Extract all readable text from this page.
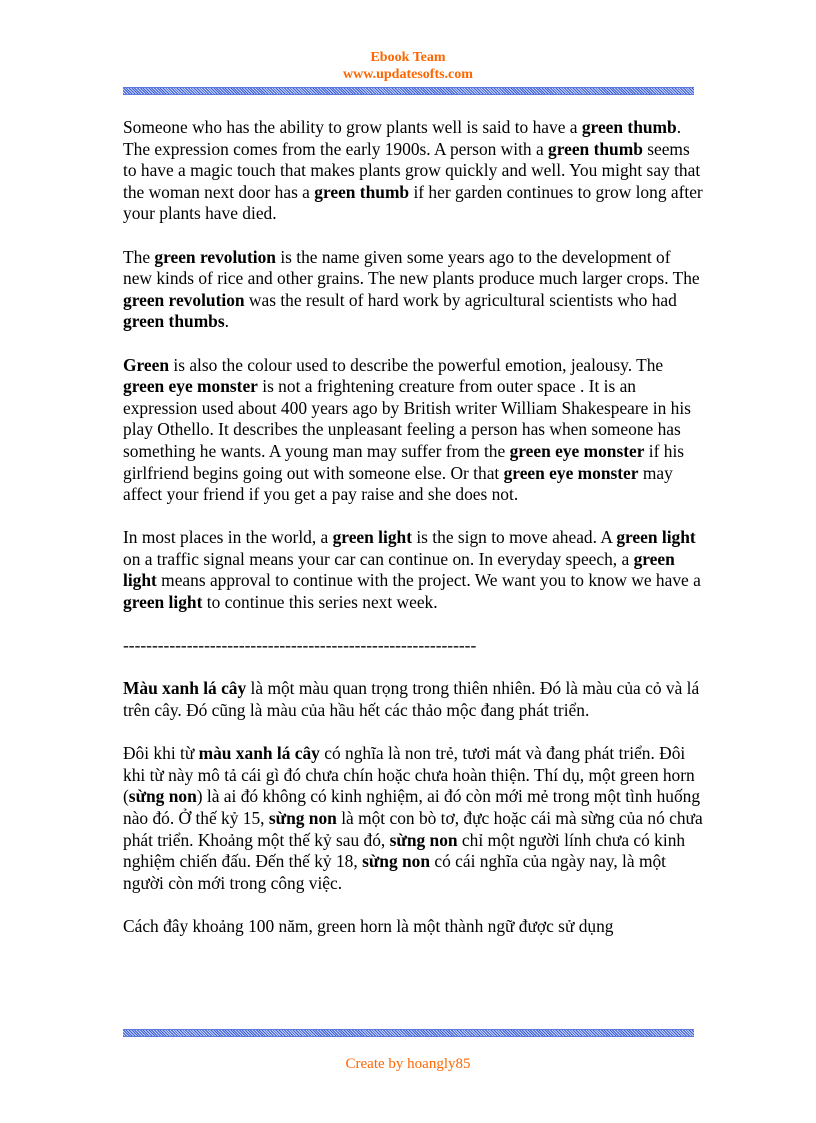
Ebook Team
www.updatesofts.com

Someone who has the ability to grow plants well is said to have a green thumb. The expression comes from the early 1900s. A person with a green thumb seems to have a magic touch that makes plants grow quickly and well. You might say that the woman next door has a green thumb if her garden continues to grow long after your plants have died.

The green revolution is the name given some years ago to the development of new kinds of rice and other grains. The new plants produce much larger crops. The green revolution was the result of hard work by agricultural scientists who had green thumbs.

Green is also the colour used to describe the powerful emotion, jealousy. The green eye monster is not a frightening creature from outer space . It is an expression used about 400 years ago by British writer William Shakespeare in his play Othello. It describes the unpleasant feeling a person has when someone has something he wants. A young man may suffer from the green eye monster if his girlfriend begins going out with someone else. Or that green eye monster may affect your friend if you get a pay raise and she does not.

In most places in the world, a green light is the sign to move ahead. A green light on a traffic signal means your car can continue on. In everyday speech, a green light means approval to continue with the project. We want you to know we have a green light to continue this series next week.

-------------------------------------------------------------

Màu xanh lá cây là một màu quan trọng trong thiên nhiên. Đó là màu của cỏ và lá trên cây. Đó cũng là màu của hầu hết các thảo mộc đang phát triển.

Đôi khi từ màu xanh lá cây có nghĩa là non trẻ, tươi mát và đang phát triển. Đôi khi từ này mô tả cái gì đó chưa chín hoặc chưa hoàn thiện. Thí dụ, một green horn (sừng non) là ai đó không có kinh nghiệm, ai đó còn mới mẻ trong một tình huống nào đó. Ở thế kỷ 15, sừng non là một con bò tơ, đực hoặc cái mà sừng của nó chưa phát triển. Khoảng một thế kỷ sau đó, sừng non chỉ một người lính chưa có kinh nghiệm chiến đấu. Đến thế kỷ 18, sừng non có cái nghĩa của ngày nay, là một người còn mới trong công việc.

Cách đây khoảng 100 năm, green horn là một thành ngữ được sử dụng

Create by hoangly85
